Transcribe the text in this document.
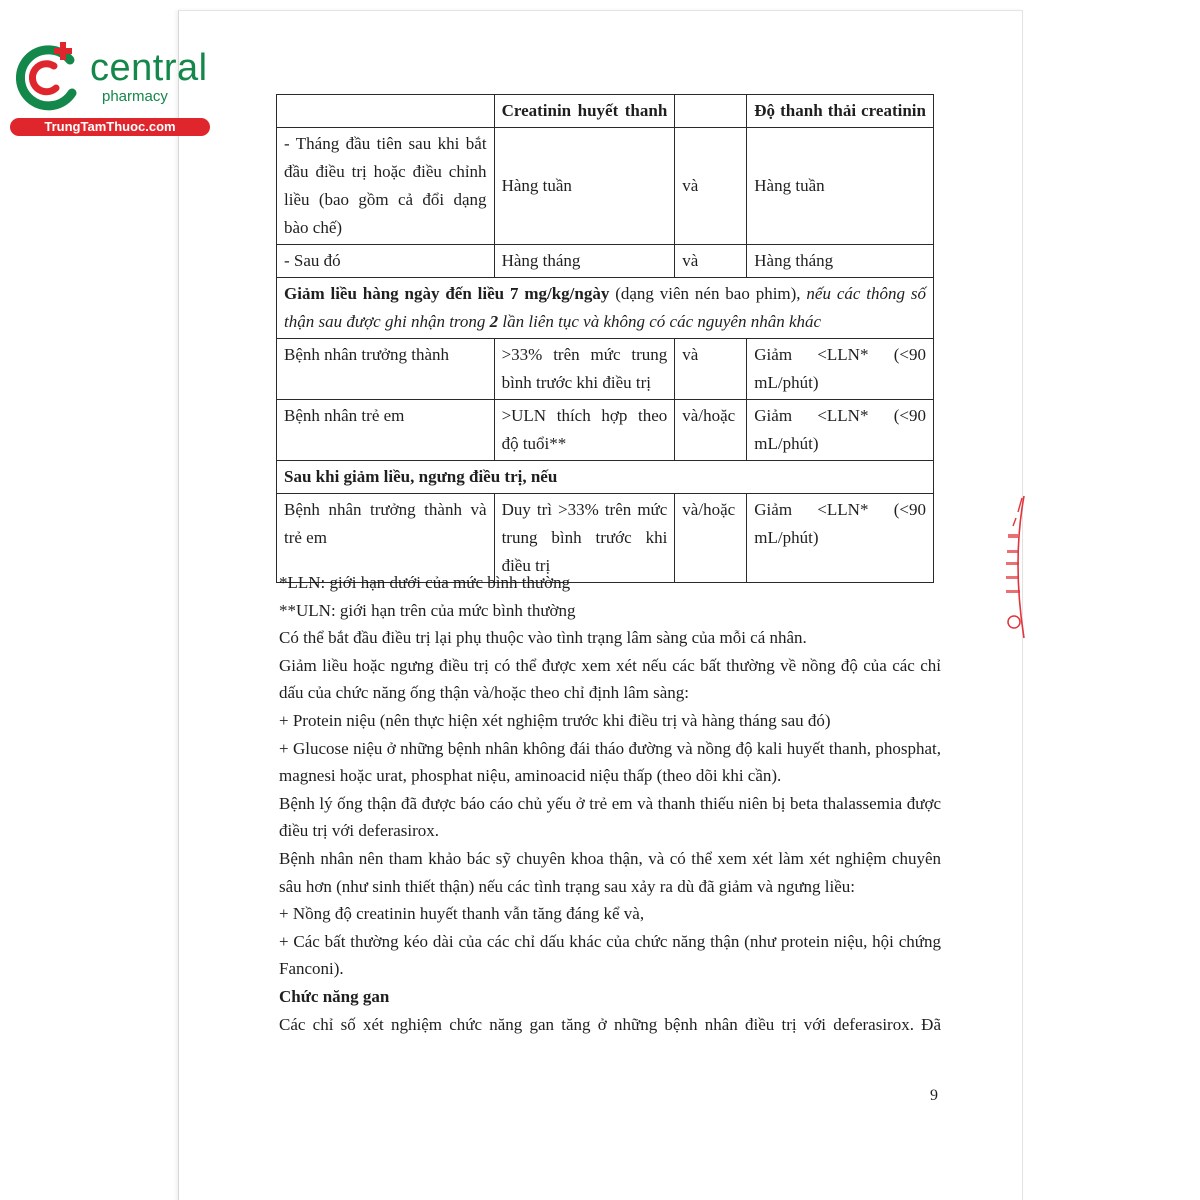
central
pharmacy
TrungTamThuoc.com
	Creatinin huyết thanh		Độ thanh thải creatinin
- Tháng đầu tiên sau khi bắt đầu điều trị hoặc điều chỉnh liều (bao gồm cả đổi dạng bào chế)	Hàng tuần	và	Hàng tuần
- Sau đó	Hàng tháng	và	Hàng tháng
Giảm liều hàng ngày đến liều 7 mg/kg/ngày (dạng viên nén bao phim), nếu các thông số thận sau được ghi nhận trong 2 lần liên tục và không có các nguyên nhân khác			
Bệnh nhân trưởng thành	>33% trên mức trung bình trước khi điều trị	và	Giảm <LLN* (<90 mL/phút)
Bệnh nhân trẻ em	>ULN thích hợp theo độ tuổi**	và/hoặc	Giảm <LLN* (<90 mL/phút)
Sau khi giảm liều, ngưng điều trị, nếu			
Bệnh nhân trưởng thành và trẻ em	Duy trì >33% trên mức trung bình trước khi điều trị	và/hoặc	Giảm <LLN* (<90 mL/phút)

*LLN: giới hạn dưới của mức bình thường

**ULN: giới hạn trên của mức bình thường

Có thể bắt đầu điều trị lại phụ thuộc vào tình trạng lâm sàng của mỗi cá nhân.

Giảm liều hoặc ngưng điều trị có thể được xem xét nếu các bất thường về nồng độ của các chỉ dấu của chức năng ống thận và/hoặc theo chỉ định lâm sàng:

+ Protein niệu (nên thực hiện xét nghiệm trước khi điều trị và hàng tháng sau đó)

+ Glucose niệu ở những bệnh nhân không đái tháo đường và nồng độ kali huyết thanh, phosphat, magnesi hoặc urat, phosphat niệu, aminoacid niệu thấp (theo dõi khi cần).

Bệnh lý ống thận đã được báo cáo chủ yếu ở trẻ em và thanh thiếu niên bị beta thalassemia được điều trị với deferasirox.

Bệnh nhân nên tham khảo bác sỹ chuyên khoa thận, và có thể xem xét làm xét nghiệm chuyên sâu hơn (như sinh thiết thận) nếu các tình trạng sau xảy ra dù đã giảm và ngưng liều:

+ Nồng độ creatinin huyết thanh vẫn tăng đáng kể và,

+ Các bất thường kéo dài của các chỉ dấu khác của chức năng thận (như protein niệu, hội chứng Fanconi).

Chức năng gan

Các chỉ số xét nghiệm chức năng gan tăng ở những bệnh nhân điều trị với deferasirox. Đã

9
